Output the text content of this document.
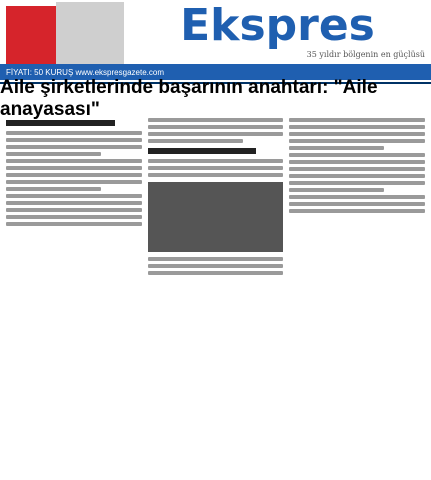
Ekspres
35 yıldır bölgenin en güçlüsü
FİYATI: 50 KURUŞ www.ekspresgazete.com
Aile şirketlerinde başarının anahtarı: "Aile anayasası"
